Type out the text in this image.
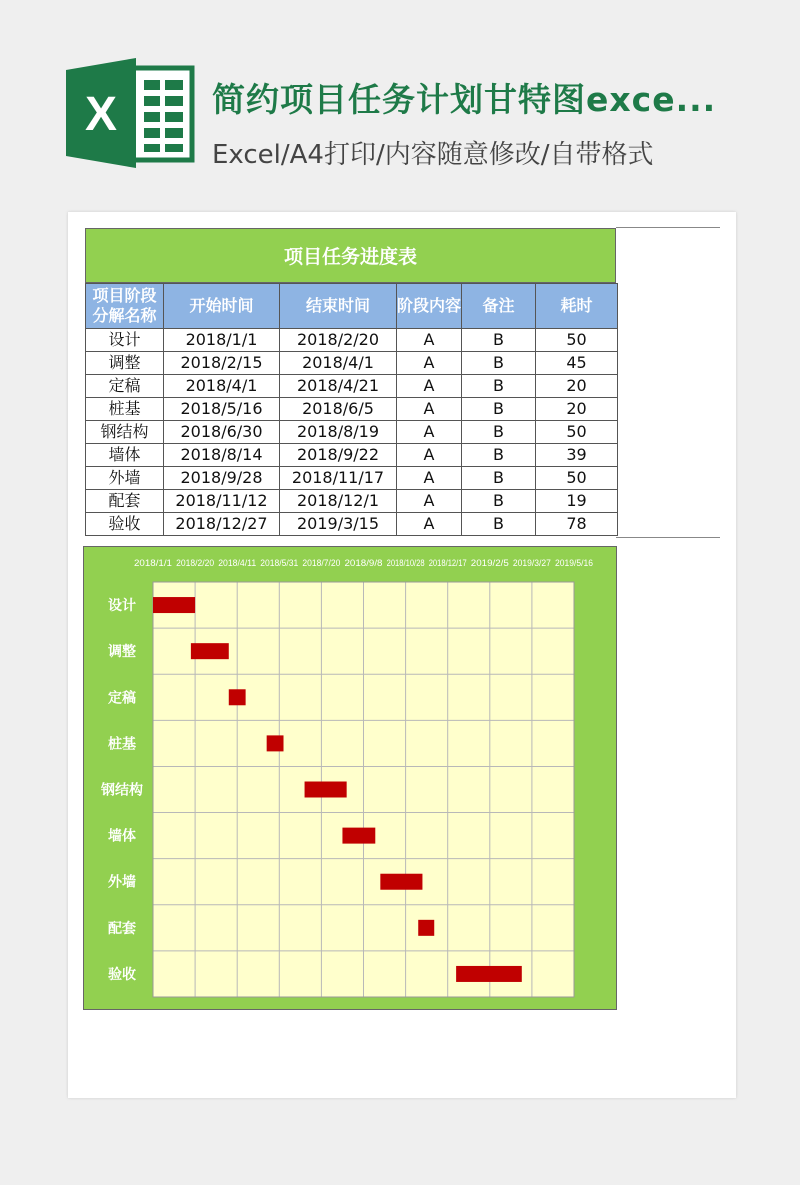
X	简约项目任务计划甘特图exce...
Excel/A4打印/内容随意修改/自带格式
项目任务进度表
项目阶段分解名称	开始时间	结束时间	阶段内容	备注	耗时
设计	2018/1/1	2018/2/20	A	B	50
调整	2018/2/15	2018/4/1	A	B	45
定稿	2018/4/1	2018/4/21	A	B	20
桩基	2018/5/16	2018/6/5	A	B	20
钢结构	2018/6/30	2018/8/19	A	B	50
墙体	2018/8/14	2018/9/22	A	B	39
外墙	2018/9/28	2018/11/17	A	B	50
配套	2018/11/12	2018/12/1	A	B	19
验收	2018/12/27	2019/3/15	A	B	78
2018/1/1 2018/2/20 2018/4/11 2018/5/31 2018/7/20 2018/9/8 2018/10/28 2018/12/17 2019/2/5 2019/3/27 2019/5/16
设计
调整
定稿
桩基
钢结构
墙体
外墙
配套
验收
